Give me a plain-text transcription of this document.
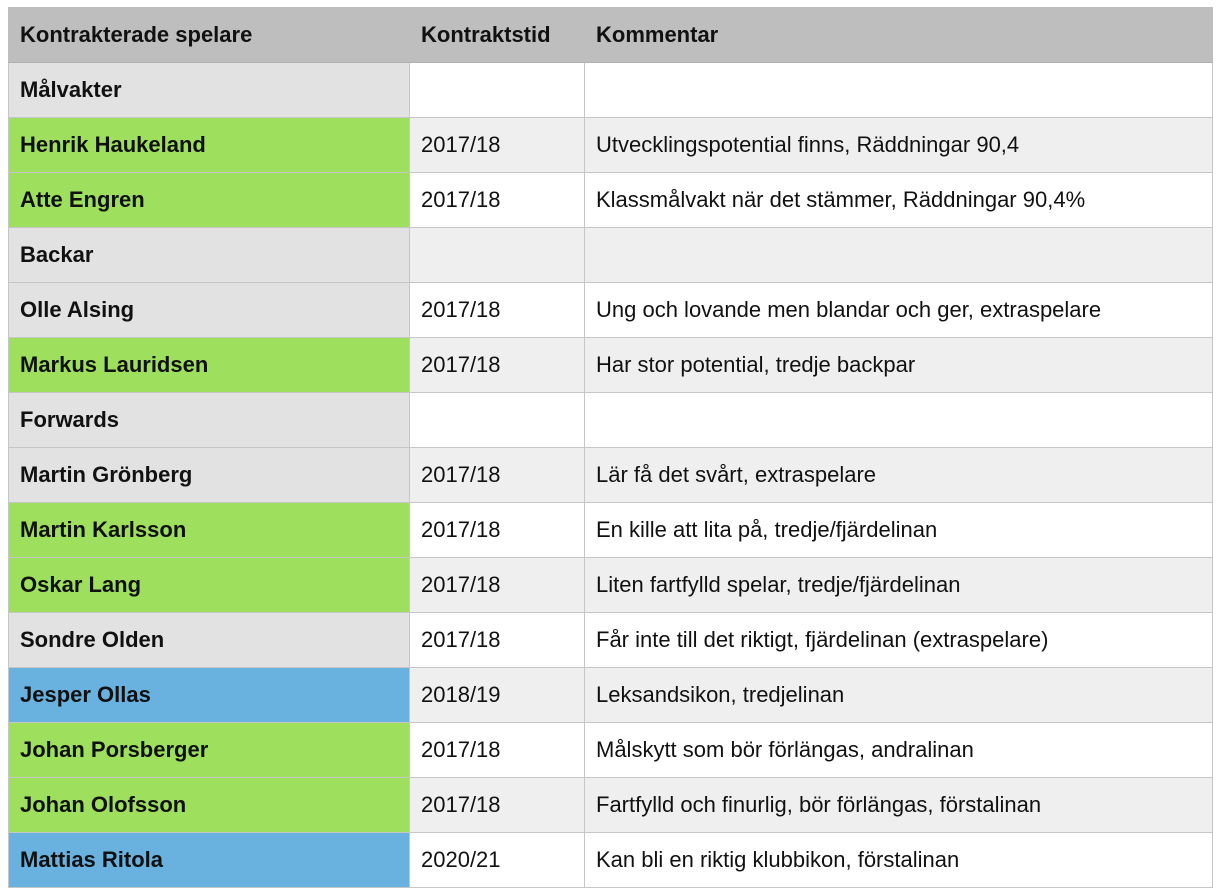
Kontrakterade spelare	Kontraktstid	Kommentar
Målvakter		
Henrik Haukeland	2017/18	Utvecklingspotential finns, Räddningar 90,4
Atte Engren	2017/18	Klassmålvakt när det stämmer, Räddningar 90,4%
Backar		
Olle Alsing	2017/18	Ung och lovande men blandar och ger, extraspelare
Markus Lauridsen	2017/18	Har stor potential, tredje backpar
Forwards		
Martin Grönberg	2017/18	Lär få det svårt, extraspelare
Martin Karlsson	2017/18	En kille att lita på, tredje/fjärdelinan
Oskar Lang	2017/18	Liten fartfylld spelar, tredje/fjärdelinan
Sondre Olden	2017/18	Får inte till det riktigt, fjärdelinan (extraspelare)
Jesper Ollas	2018/19	Leksandsikon, tredjelinan
Johan Porsberger	2017/18	Målskytt som bör förlängas, andralinan
Johan Olofsson	2017/18	Fartfylld och finurlig, bör förlängas, förstalinan
Mattias Ritola	2020/21	Kan bli en riktig klubbikon, förstalinan
